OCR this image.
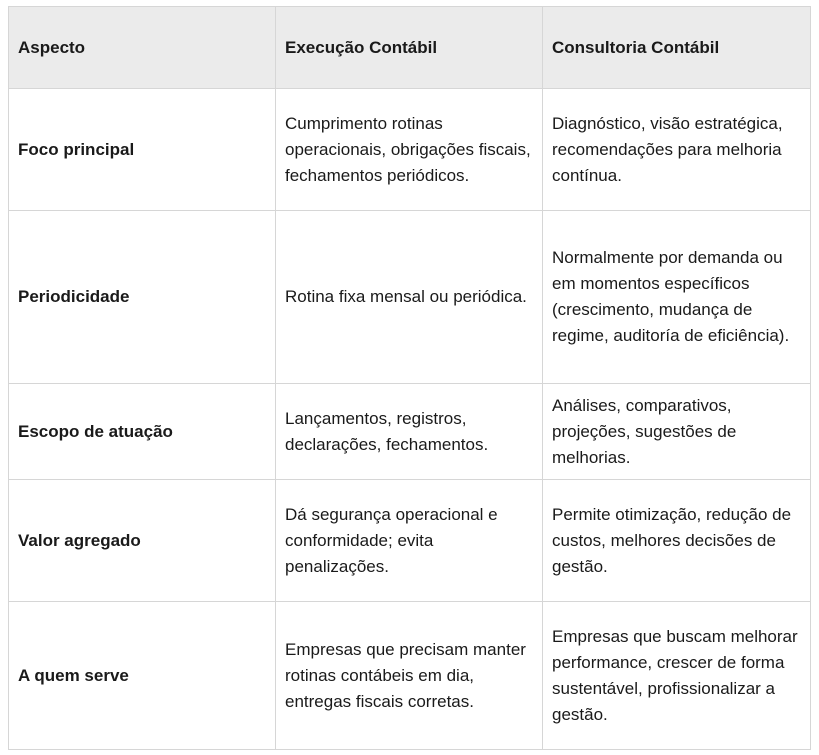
Aspecto	Execução Contábil	Consultoria Contábil
Foco principal	Cumprimento rotinas operacionais, obrigações fiscais, fechamentos periódicos.	Diagnóstico, visão estratégica, recomendações para melhoria contínua.
Periodicidade	Rotina fixa mensal ou periódica.	Normalmente por demanda ou em momentos específicos (crescimento, mudança de regime, auditoría de eficiência).
Escopo de atuação	Lançamentos, registros, declarações, fechamentos.	Análises, comparativos, projeções, sugestões de melhorias.
Valor agregado	Dá segurança operacional e conformidade; evita penalizações.	Permite otimização, redução de custos, melhores decisões de gestão.
A quem serve	Empresas que precisam manter rotinas contábeis em dia, entregas fiscais corretas.	Empresas que buscam melhorar performance, crescer de forma sustentável, profissionalizar a gestão.
